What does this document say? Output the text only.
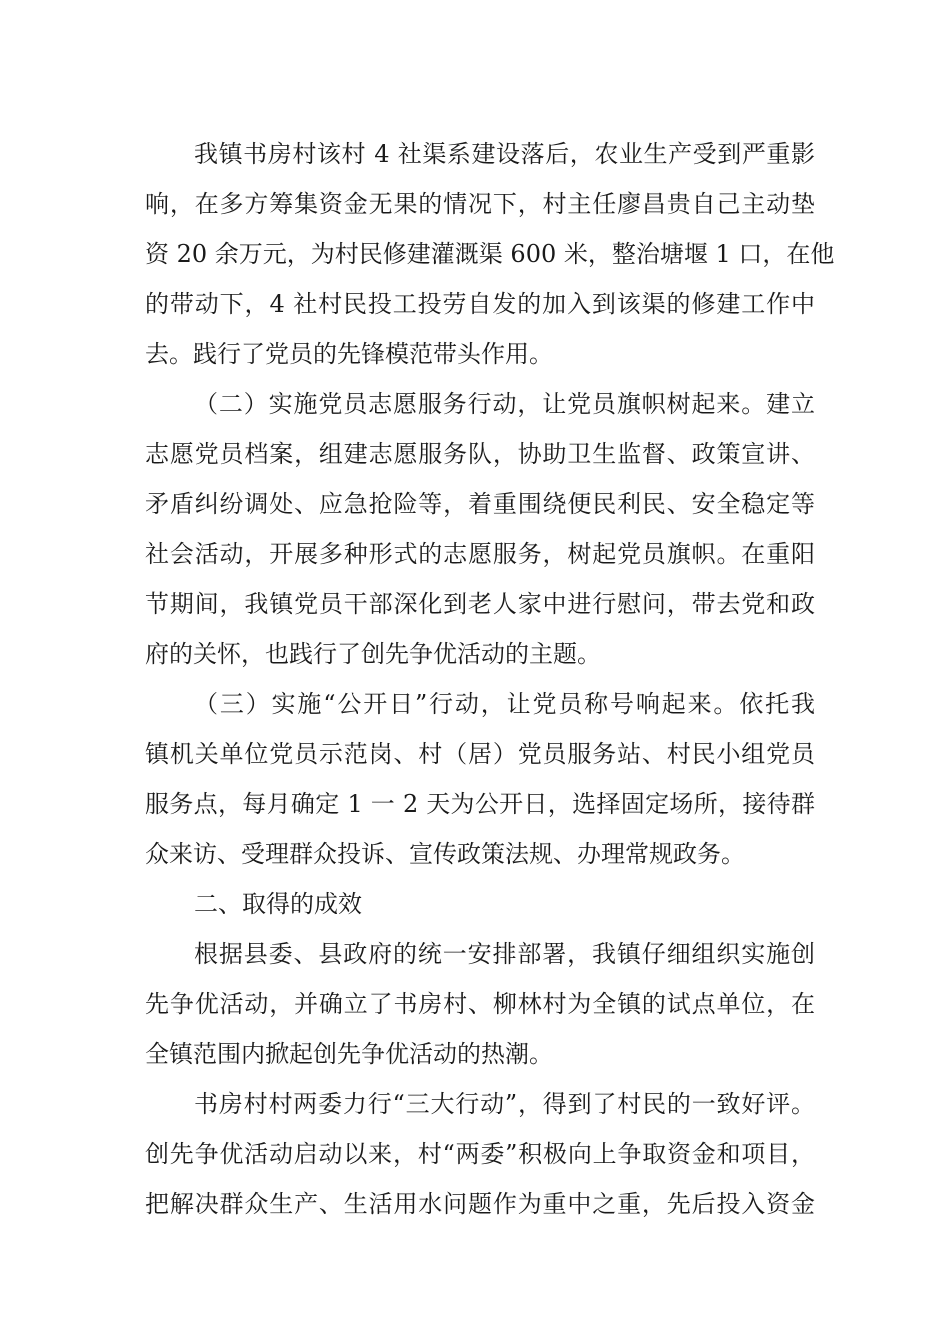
我镇书房村该村 4 社渠系建设落后，农业生产受到严重影
响，在多方筹集资金无果的情况下，村主任廖昌贵自己主动垫
资 20 余万元，为村民修建灌溉渠 600 米，整治塘堰 1 口，在他
的带动下，4 社村民投工投劳自发的加入到该渠的修建工作中
去。践行了党员的先锋模范带头作用。
（二）实施党员志愿服务行动，让党员旗帜树起来。建立
志愿党员档案，组建志愿服务队，协助卫生监督、政策宣讲、
矛盾纠纷调处、应急抢险等，着重围绕便民利民、安全稳定等
社会活动，开展多种形式的志愿服务，树起党员旗帜。在重阳
节期间，我镇党员干部深化到老人家中进行慰问，带去党和政
府的关怀，也践行了创先争优活动的主题。
（三）实施“公开日”行动，让党员称号响起来。依托我
镇机关单位党员示范岗、村（居）党员服务站、村民小组党员
服务点，每月确定 1 一 2 天为公开日，选择固定场所，接待群
众来访、受理群众投诉、宣传政策法规、办理常规政务。
二、取得的成效
根据县委、县政府的统一安排部署，我镇仔细组织实施创
先争优活动，并确立了书房村、柳林村为全镇的试点单位，在
全镇范围内掀起创先争优活动的热潮。
书房村村两委力行“三大行动”，得到了村民的一致好评。
创先争优活动启动以来，村“两委”积极向上争取资金和项目，
把解决群众生产、生活用水问题作为重中之重，先后投入资金
